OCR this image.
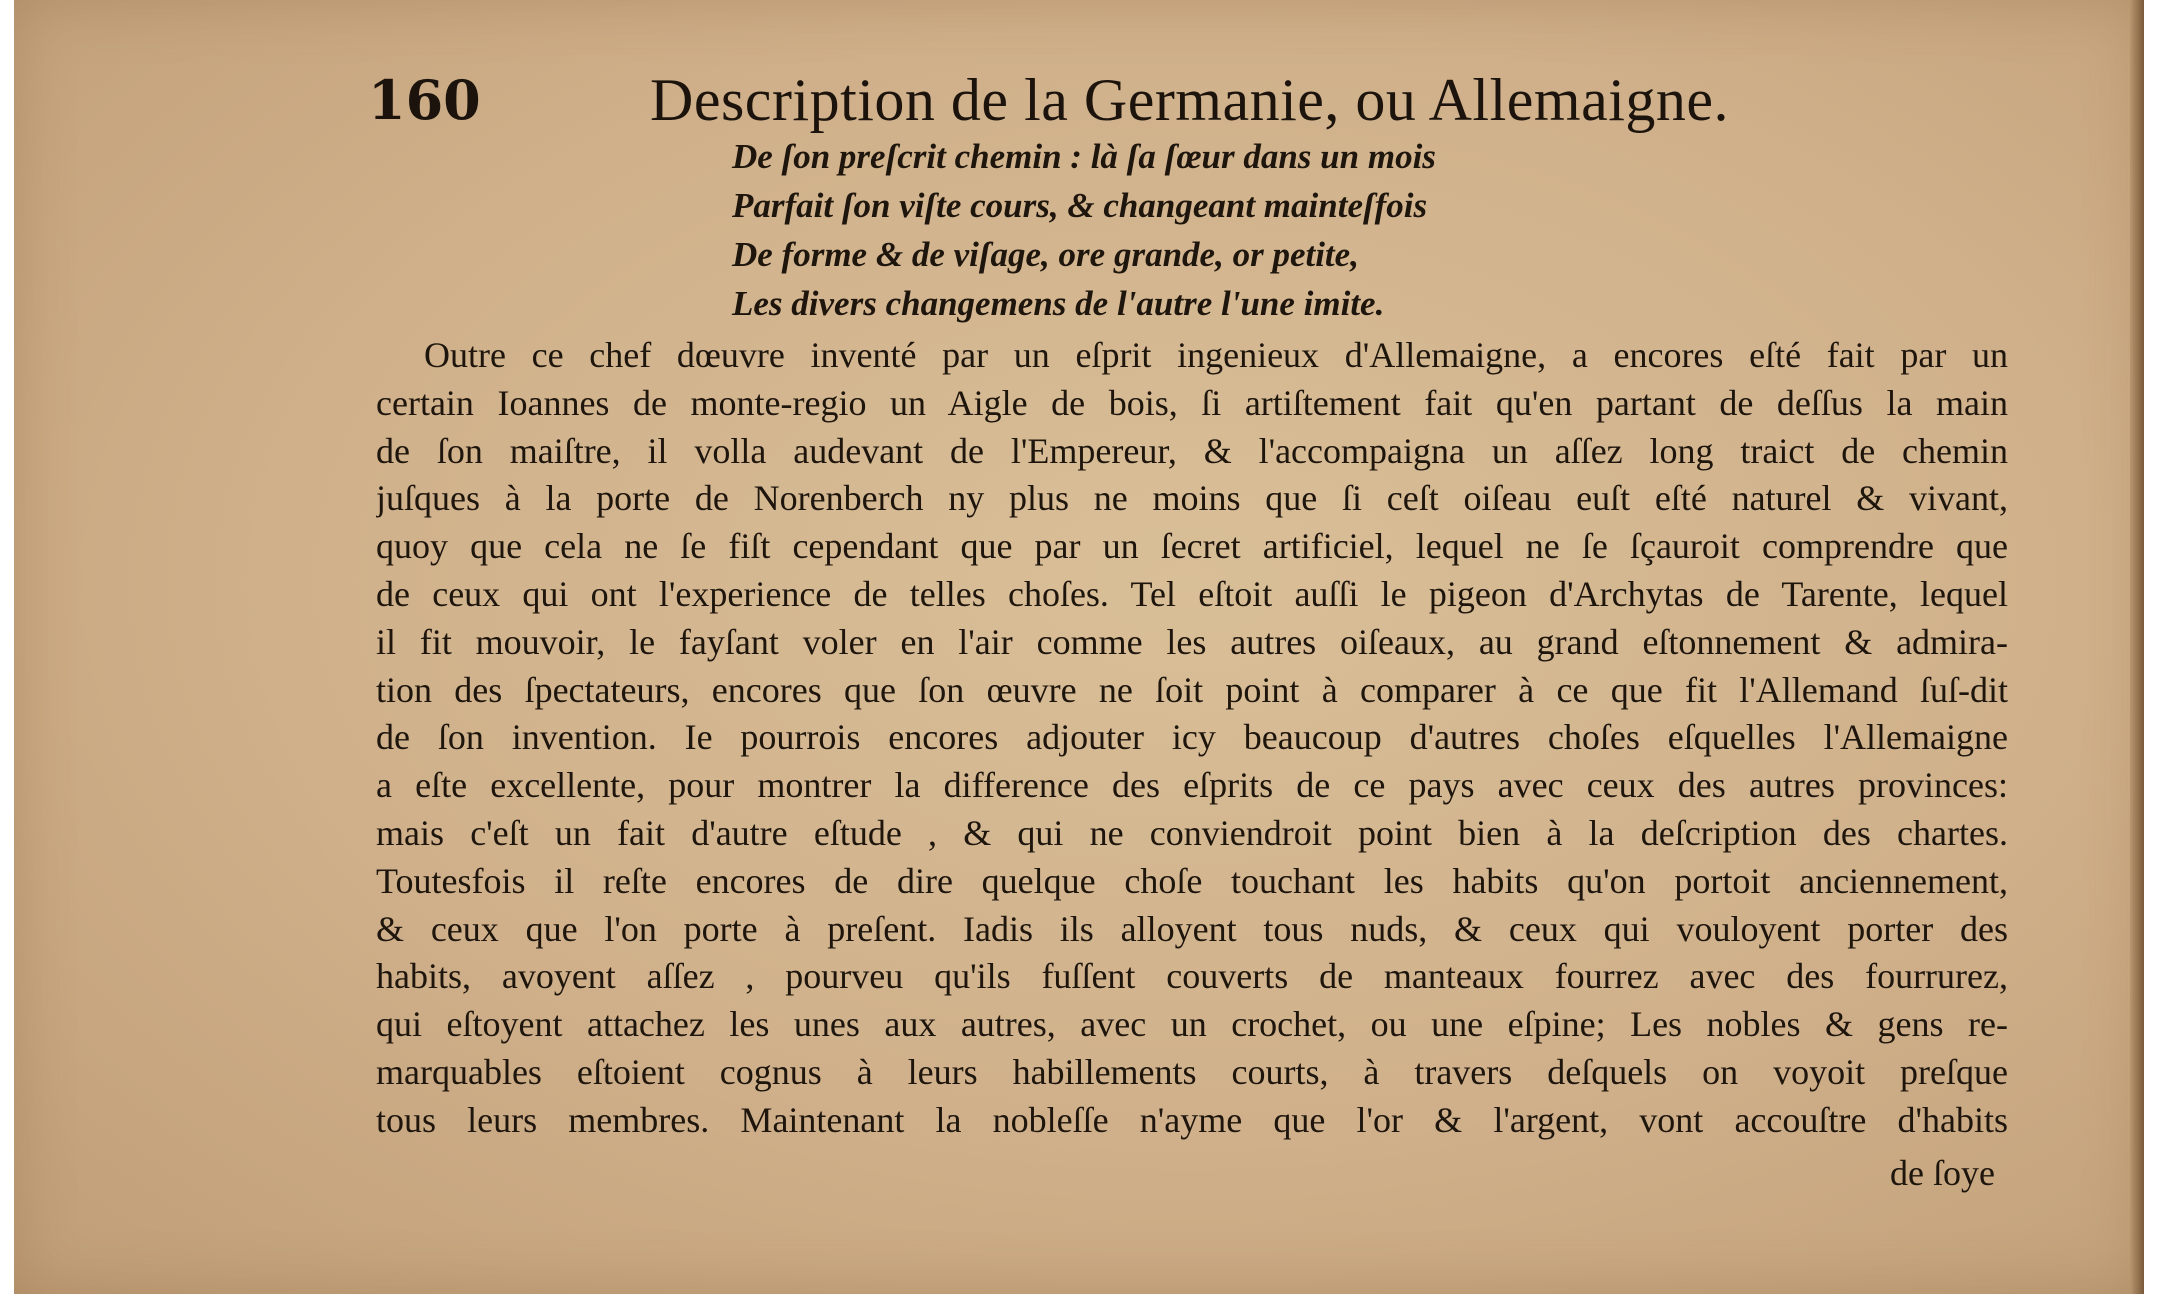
160	Description de la Germanie, ou Allemaigne.
De ſon preſcrit chemin : là ſa ſœur dans un mois
Parfait ſon viſte cours, & changeant mainteſfois
De forme & de viſage, ore grande, or petite,
Les divers changemens de l'autre l'une imite.
Outre ce chef dœuvre inventé par un eſprit ingenieux d'Allemaigne, a encores eſté fait par un
certain Ioannes de monte-regio un Aigle de bois, ſi artiſtement fait qu'en partant de deſſus la main
de ſon maiſtre, il volla audevant de l'Empereur, & l'accompaigna un aſſez long traict de chemin
juſques à la porte de Norenberch ny plus ne moins que ſi ceſt oiſeau euſt eſté naturel & vivant,
quoy que cela ne ſe fiſt cependant que par un ſecret artificiel, lequel ne ſe ſçauroit comprendre que
de ceux qui ont l'experience de telles choſes. Tel eſtoit auſſi le pigeon d'Archytas de Tarente, lequel
il fit mouvoir, le fayſant voler en l'air comme les autres oiſeaux, au grand eſtonnement & admira-
tion des ſpectateurs, encores que ſon œuvre ne ſoit point à comparer à ce que fit l'Allemand ſuſ-dit
de ſon invention. Ie pourrois encores adjouter icy beaucoup d'autres choſes eſquelles l'Allemaigne
a eſte excellente, pour montrer la difference des eſprits de ce pays avec ceux des autres provinces:
mais c'eſt un fait d'autre eſtude , & qui ne conviendroit point bien à la deſcription des chartes.
Toutesfois il reſte encores de dire quelque choſe touchant les habits qu'on portoit anciennement,
& ceux que l'on porte à preſent. Iadis ils alloyent tous nuds, & ceux qui vouloyent porter des
habits, avoyent aſſez , pourveu qu'ils fuſſent couverts de manteaux fourrez avec des fourrurez,
qui eſtoyent attachez les unes aux autres, avec un crochet, ou une eſpine; Les nobles & gens re-
marquables eſtoient cognus à leurs habillements courts, à travers deſquels on voyoit preſque
tous leurs membres. Maintenant la nobleſſe n'ayme que l'or & l'argent, vont accouſtre d'habits
de ſoye
